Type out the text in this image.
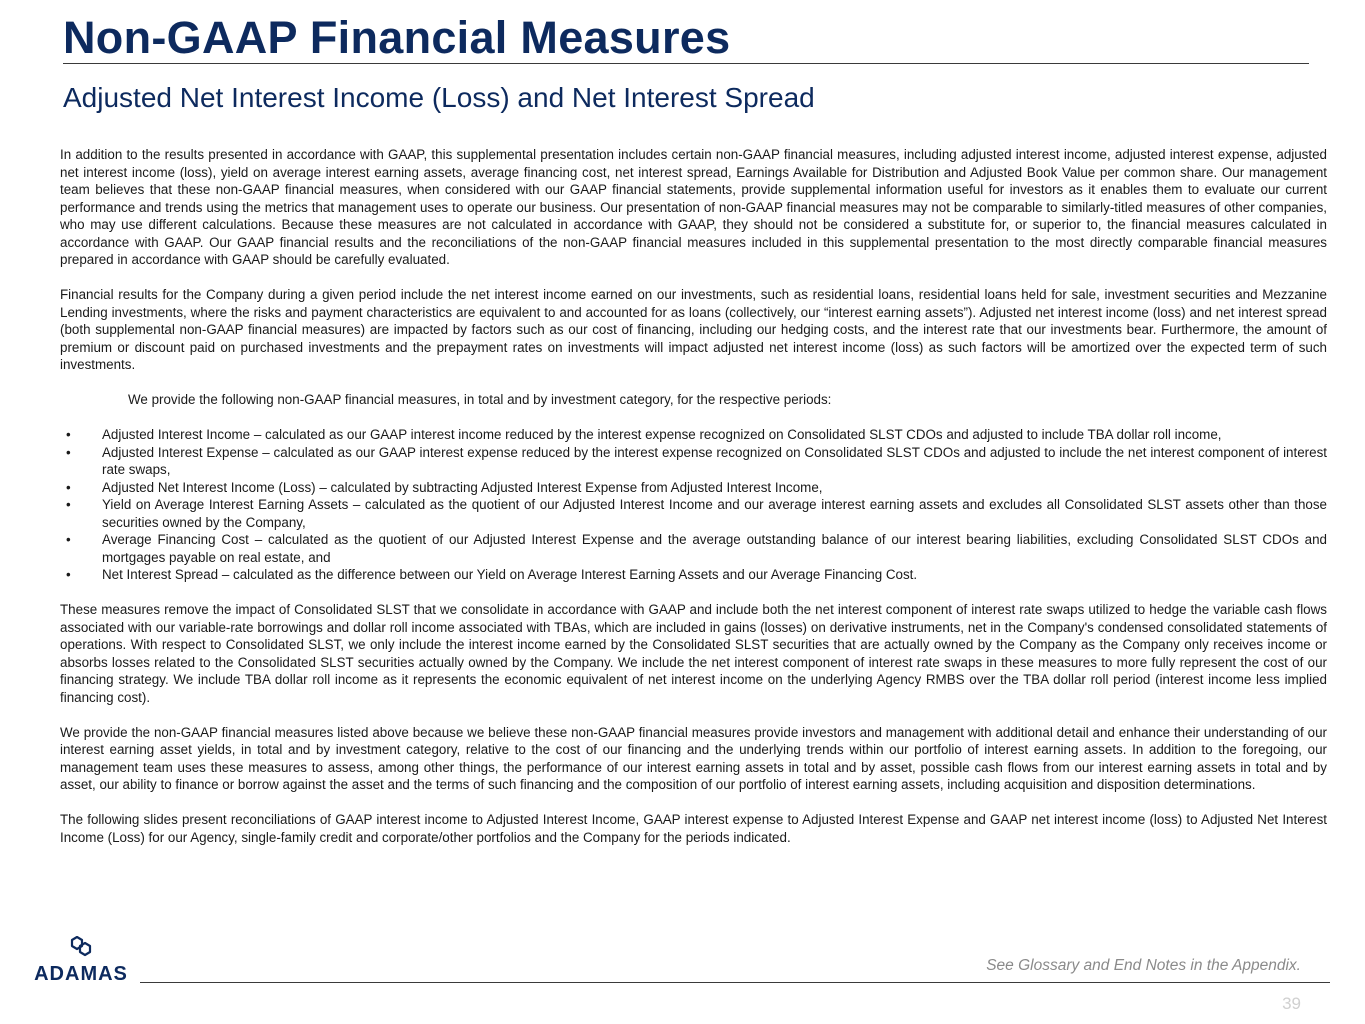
Non-GAAP Financial Measures
Adjusted Net Interest Income (Loss) and Net Interest Spread

In addition to the results presented in accordance with GAAP, this supplemental presentation includes certain non-GAAP financial measures, including adjusted interest income, adjusted interest expense, adjusted net interest income (loss), yield on average interest earning assets, average financing cost, net interest spread, Earnings Available for Distribution and Adjusted Book Value per common share. Our management team believes that these non-GAAP financial measures, when considered with our GAAP financial statements, provide supplemental information useful for investors as it enables them to evaluate our current performance and trends using the metrics that management uses to operate our business. Our presentation of non-GAAP financial measures may not be comparable to similarly-titled measures of other companies, who may use different calculations. Because these measures are not calculated in accordance with GAAP, they should not be considered a substitute for, or superior to, the financial measures calculated in accordance with GAAP. Our GAAP financial results and the reconciliations of the non-GAAP financial measures included in this supplemental presentation to the most directly comparable financial measures prepared in accordance with GAAP should be carefully evaluated.

Financial results for the Company during a given period include the net interest income earned on our investments, such as residential loans, residential loans held for sale, investment securities and Mezzanine Lending investments, where the risks and payment characteristics are equivalent to and accounted for as loans (collectively, our “interest earning assets”). Adjusted net interest income (loss) and net interest spread (both supplemental non-GAAP financial measures) are impacted by factors such as our cost of financing, including our hedging costs, and the interest rate that our investments bear. Furthermore, the amount of premium or discount paid on purchased investments and the prepayment rates on investments will impact adjusted net interest income (loss) as such factors will be amortized over the expected term of such investments.

We provide the following non-GAAP financial measures, in total and by investment category, for the respective periods:

• Adjusted Interest Income – calculated as our GAAP interest income reduced by the interest expense recognized on Consolidated SLST CDOs and adjusted to include TBA dollar roll income,
• Adjusted Interest Expense – calculated as our GAAP interest expense reduced by the interest expense recognized on Consolidated SLST CDOs and adjusted to include the net interest component of interest rate swaps,
• Adjusted Net Interest Income (Loss) – calculated by subtracting Adjusted Interest Expense from Adjusted Interest Income,
• Yield on Average Interest Earning Assets – calculated as the quotient of our Adjusted Interest Income and our average interest earning assets and excludes all Consolidated SLST assets other than those securities owned by the Company,
• Average Financing Cost – calculated as the quotient of our Adjusted Interest Expense and the average outstanding balance of our interest bearing liabilities, excluding Consolidated SLST CDOs and mortgages payable on real estate, and
• Net Interest Spread – calculated as the difference between our Yield on Average Interest Earning Assets and our Average Financing Cost.

These measures remove the impact of Consolidated SLST that we consolidate in accordance with GAAP and include both the net interest component of interest rate swaps utilized to hedge the variable cash flows associated with our variable-rate borrowings and dollar roll income associated with TBAs, which are included in gains (losses) on derivative instruments, net in the Company's condensed consolidated statements of operations. With respect to Consolidated SLST, we only include the interest income earned by the Consolidated SLST securities that are actually owned by the Company as the Company only receives income or absorbs losses related to the Consolidated SLST securities actually owned by the Company. We include the net interest component of interest rate swaps in these measures to more fully represent the cost of our financing strategy. We include TBA dollar roll income as it represents the economic equivalent of net interest income on the underlying Agency RMBS over the TBA dollar roll period (interest income less implied financing cost).

We provide the non-GAAP financial measures listed above because we believe these non-GAAP financial measures provide investors and management with additional detail and enhance their understanding of our interest earning asset yields, in total and by investment category, relative to the cost of our financing and the underlying trends within our portfolio of interest earning assets. In addition to the foregoing, our management team uses these measures to assess, among other things, the performance of our interest earning assets in total and by asset, possible cash flows from our interest earning assets in total and by asset, our ability to finance or borrow against the asset and the terms of such financing and the composition of our portfolio of interest earning assets, including acquisition and disposition determinations.

The following slides present reconciliations of GAAP interest income to Adjusted Interest Income, GAAP interest expense to Adjusted Interest Expense and GAAP net interest income (loss) to Adjusted Net Interest Income (Loss) for our Agency, single-family credit and corporate/other portfolios and the Company for the periods indicated.

ADAMAS	See Glossary and End Notes in the Appendix.
39
